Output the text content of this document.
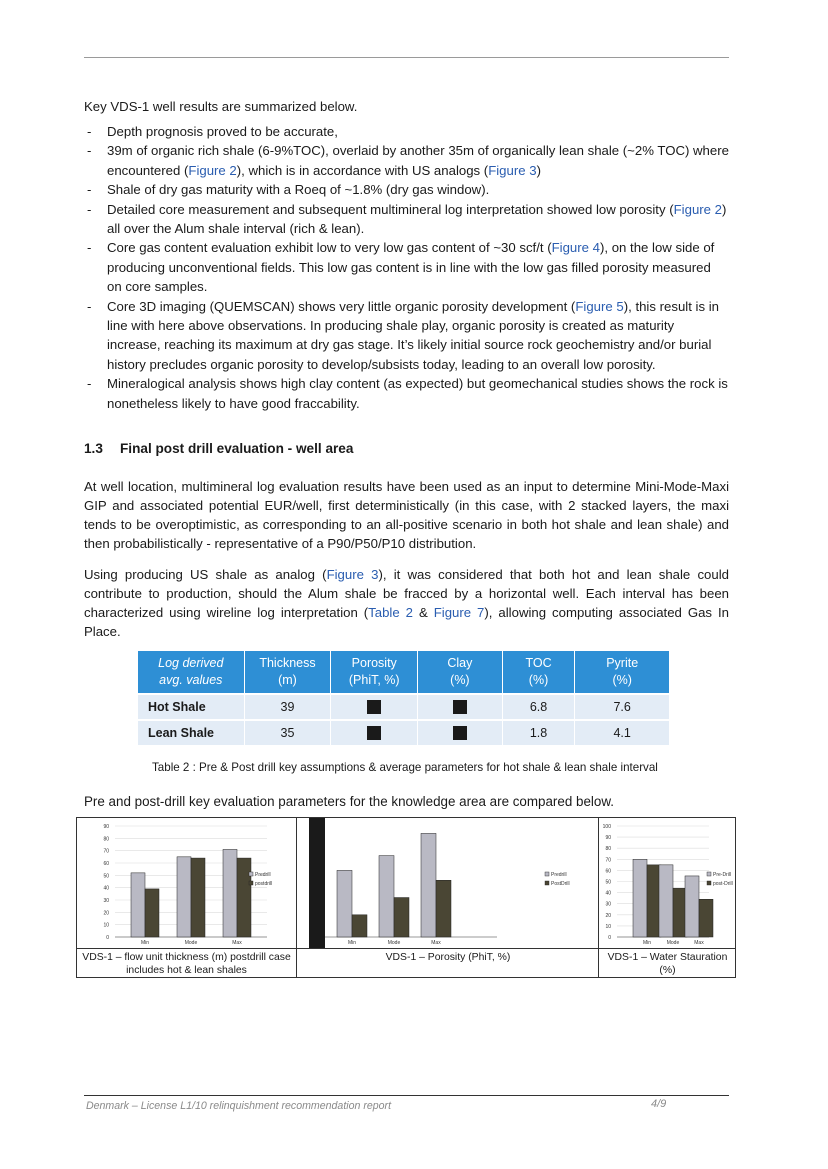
Key VDS-1 well results are summarized below.

- Depth prognosis proved to be accurate,
- 39m of organic rich shale (6-9%TOC), overlaid by another 35m of organically lean shale (~2% TOC) where encountered (Figure 2), which is in accordance with US analogs (Figure 3)
- Shale of dry gas maturity with a Roeq of ~1.8% (dry gas window).
- Detailed core measurement and subsequent multimineral log interpretation showed low porosity (Figure 2) all over the Alum shale interval (rich & lean).
- Core gas content evaluation exhibit low to very low gas content of ~30 scf/t (Figure 4), on the low side of producing unconventional fields. This low gas content is in line with the low gas filled porosity measured on core samples.
- Core 3D imaging (QUEMSCAN) shows very little organic porosity development (Figure 5), this result is in line with here above observations. In producing shale play, organic porosity is created as maturity increase, reaching its maximum at dry gas stage. It’s likely initial source rock geochemistry and/or burial history precludes organic porosity to develop/subsists today, leading to an overall low porosity.
- Mineralogical analysis shows high clay content (as expected) but geomechanical studies shows the rock is nonetheless likely to have good fraccability.
1.3 Final post drill evaluation - well area

At well location, multimineral log evaluation results have been used as an input to determine Mini-Mode-Maxi GIP and associated potential EUR/well, first deterministically (in this case, with 2 stacked layers, the maxi tends to be overoptimistic, as corresponding to an all-positive scenario in both hot shale and lean shale) and then probabilistically - representative of a P90/P50/P10 distribution.

Using producing US shale as analog (Figure 3), it was considered that both hot and lean shale could contribute to production, should the Alum shale be fracced by a horizontal well. Each interval has been characterized using wireline log interpretation (Table 2 & Figure 7), allowing computing associated Gas In Place.

Log derived
avg. values	Thickness
(m)	Porosity
(PhiT, %)	Clay
(%)	TOC
(%)	Pyrite
(%)
Hot Shale	39			6.8	7.6
Lean Shale	35			1.8	4.1
Table 2 : Pre & Post drill key assumptions & average parameters for hot shale & lean shale interval

Pre and post-drill key evaluation parameters for the knowledge area are compared below.

0
10
20
30
40
50
60
70
80
90
Min	Mode	Max
Predrill
postdrill
VDS-1 – flow unit thickness (m) postdrill case includes hot & lean shales
Min	Mode	Max
Predrill
PostDrill
VDS-1 – Porosity (PhiT, %)
0
10
20
30
40
50
60
70
80
90
100
Min	Mode	Max
Pre-Drill
post-Drill
VDS-1 – Water Stauration (%)
Denmark – License L1/10 relinquishment recommendation report	4/9
